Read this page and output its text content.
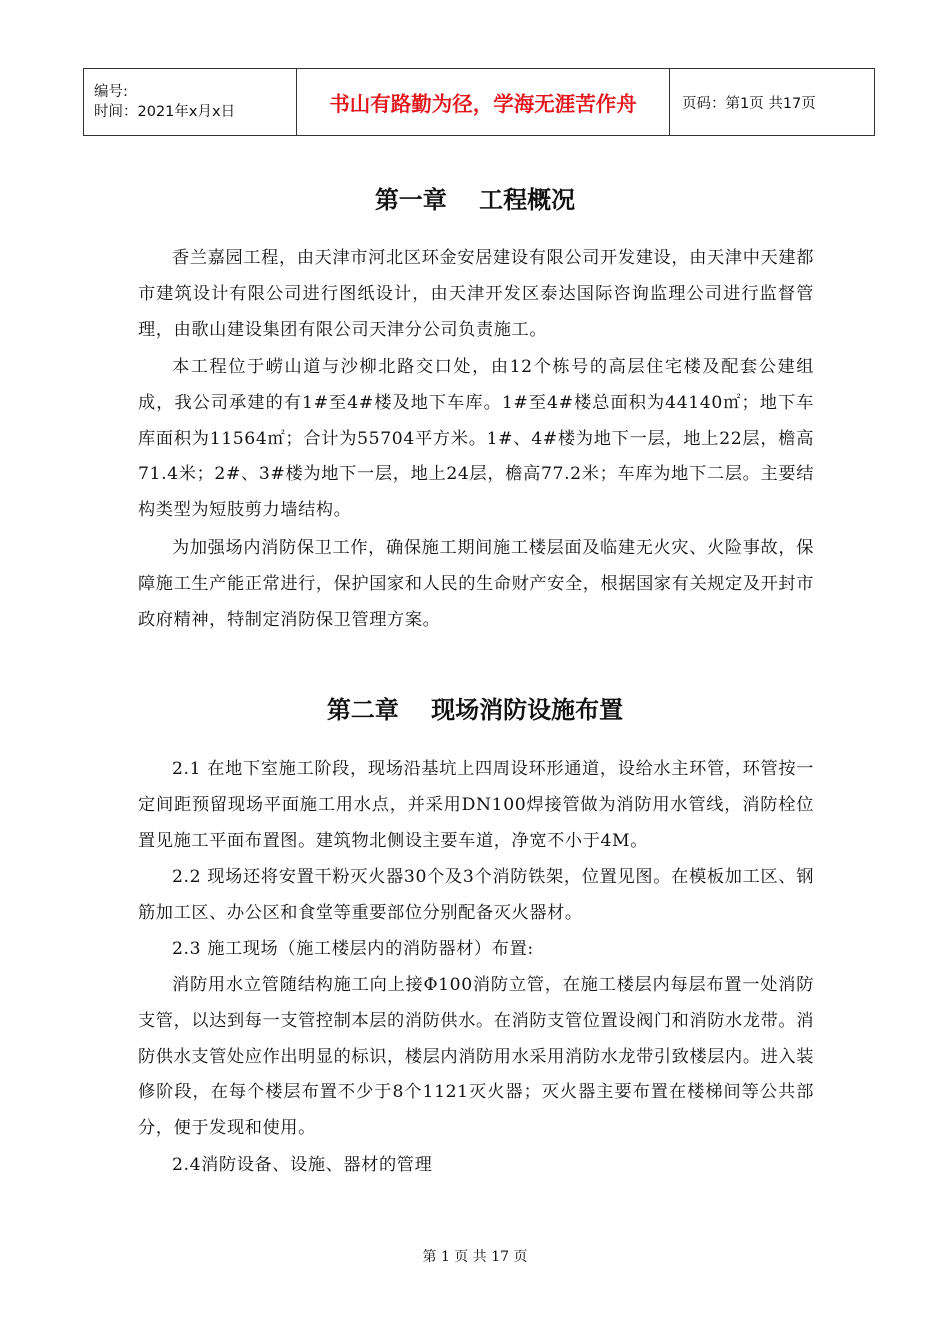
编号:
时间：2021年x月x日	书山有路勤为径，学海无涯苦作舟	页码：第1页 共17页
第一章　 工程概况

香兰嘉园工程，由天津市河北区环金安居建设有限公司开发建设，由天津中天建都市建筑设计有限公司进行图纸设计，由天津开发区泰达国际咨询监理公司进行监督管理，由歌山建设集团有限公司天津分公司负责施工。

本工程位于崂山道与沙柳北路交口处，由12个栋号的高层住宅楼及配套公建组成，我公司承建的有1#至4#楼及地下车库。1#至4#楼总面积为44140㎡；地下车库面积为11564㎡；合计为55704平方米。1#、4#楼为地下一层，地上22层，檐高71.4米；2#、3#楼为地下一层，地上24层，檐高77.2米；车库为地下二层。主要结构类型为短肢剪力墙结构。

为加强场内消防保卫工作，确保施工期间施工楼层面及临建无火灾、火险事故，保障施工生产能正常进行，保护国家和人民的生命财产安全，根据国家有关规定及开封市政府精神，特制定消防保卫管理方案。

第二章　 现场消防设施布置

2.1 在地下室施工阶段，现场沿基坑上四周设环形通道，设给水主环管，环管按一定间距预留现场平面施工用水点，并采用DN100焊接管做为消防用水管线，消防栓位置见施工平面布置图。建筑物北侧设主要车道，净宽不小于4M。

2.2 现场还将安置干粉灭火器30个及3个消防铁架，位置见图。在模板加工区、钢筋加工区、办公区和食堂等重要部位分别配备灭火器材。

2.3 施工现场（施工楼层内的消防器材）布置:

消防用水立管随结构施工向上接Φ100消防立管，在施工楼层内每层布置一处消防支管，以达到每一支管控制本层的消防供水。在消防支管位置设阀门和消防水龙带。消防供水支管处应作出明显的标识，楼层内消防用水采用消防水龙带引致楼层内。进入装修阶段，在每个楼层布置不少于8个1121灭火器；灭火器主要布置在楼梯间等公共部分，便于发现和使用。

2.4消防设备、设施、器材的管理

第 1 页 共 17 页
